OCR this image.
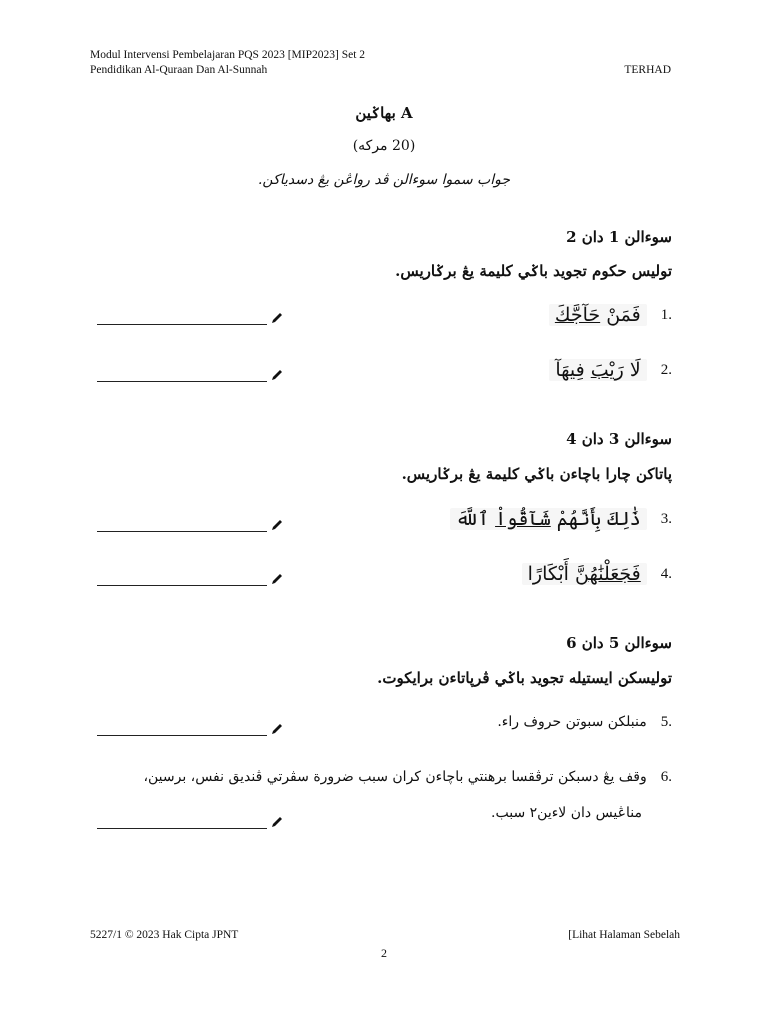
Modul Intervensi Pembelajaran PQS 2023 [MIP2023] Set 2
Pendidikan Al-Quraan Dan Al-Sunnah	TERHAD
بهاݢين A
(20 مركه)
جواب سموا سوءالن ڤد رواڠن يڠ دسدياكن.
سوءالن 1 دان 2
توليس حكوم تجويد باݢي كليمة يڠ برݢاريس.
1.
فَمَنْ حَآجَّكَ
2.
لَا رَيْبَ فِيهَآ
سوءالن 3 دان 4
ڽاتاكن چارا باچاءن باݢي كليمة يڠ برݢاريس.
3.
ذَٰلِكَ بِأَنَّهُمْ شَآقُّواْ ٱللَّهَ
4.
فَجَعَلْنَٰهُنَّ أَبْكَارًا
سوءالن 5 دان 6
توليسكن ايستيله تجويد باݢي ڤرڽاتاءن برايكوت.
5.
منبلكن سبوتن حروف راء.
6.
وقف يڠ دسبكن ترڤقسا برهنتي باچاءن كران سبب ضرورة سڤرتي ڤنديق نفس، برسين،
مناڠيس دان لاءين٢ سبب.
5227/1 © 2023 Hak Cipta JPNT	[Lihat Halaman Sebelah
2
